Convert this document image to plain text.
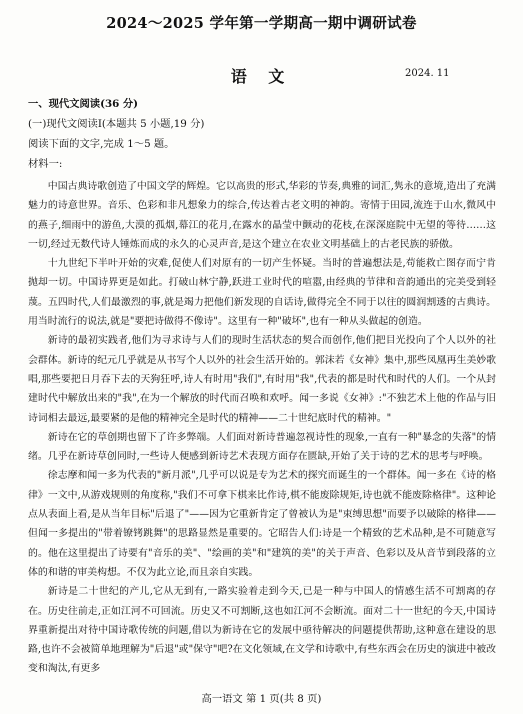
2024～2025 学年第一学期高一期中调研试卷
语 文	2024. 11
一、现代文阅读(36 分)
(一)现代文阅读Ⅰ(本题共 5 小题,19 分)
阅读下面的文字,完成 1～5 题。
材料一:

中国古典诗歌创造了中国文学的辉煌。它以高贵的形式,华彩的节奏,典雅的词汇,隽永的意境,造出了充满魅力的诗意世界。音乐、色彩和非凡想象力的综合,传达着古老文明的神韵。寄情于田园,流连于山水,微风中的燕子,细雨中的游鱼,大漠的孤烟,幕江的花月,在露水的晶莹中颤动的花枝,在深深庭院中无望的等待……这一切,经过无数代诗人锤炼而成的永久的心灵声音,是这个建立在农业文明基础上的古老民族的骄傲。

十九世纪下半叶开始的灾难,促使人们对原有的一切产生怀疑。当时的普遍想法是,苟能救亡图存而宁肯抛却一切。中国诗界更是如此。打破山林宁静,跃进工业时代的喧嚣,由经典的节律和音韵通出的完美受到轻蔑。五四时代,人们最激烈的事,就是竭力把他们新发现的自话诗,做得完全不同于以往的圆润割透的古典诗。用当时流行的说法,就是"要把诗做得不像诗"。这里有一种"破坏",也有一种从头做起的创造。

新诗的最初实践者,他们为寻求诗与人们的现时生活状态的契合而创作,他们把目光投向了个人以外的社会群体。新诗的纪元几乎就是从书写个人以外的社会生活开始的。郭沫若《女神》集中,那些凤凰再生美妙歌唱,那些要把日月吞下去的天狗狂呼,诗人有时用"我们",有时用"我",代表的都是时代和时代的人们。一个从封建时代中解放出来的"我",在为一个解放的时代而召唤和欢呼。闻一多说《女神》:"不独艺术上他的作品与旧诗词相去最远,最要紧的是他的精神完全是时代的精神——二十世纪底时代的精神。"

新诗在它的草创期也留下了许多弊端。人们面对新诗普遍忽视诗性的现象,一直有一种"暴念的失落"的情绪。几乎在新诗草创同时,一些诗人便感到新诗艺术表现方面存在匮缺,开始了关于诗的艺术的思考与呼唤。

徐志摩和闻一多为代表的"新月派",几乎可以说是专为艺术的探究而诞生的一个群体。闻一多在《诗的格律》一文中,从游戏规则的角度称,"我们不可拿下棋来比作诗,棋不能废除规矩,诗也就不能废除格律"。这种论点从表面上看,是从当年目标"后退了"——因为它重新肯定了曾被认为是"束缚思想"而要予以破除的格律——但闻一多提出的"带着镣铐跳舞"的思路显然是重要的。它昭告人们:诗是一个精致的艺术品种,是不可随意写的。他在这里提出了诗要有"音乐的美"、"绘画的美"和"建筑的美"的关于声音、色彩以及从音节到段落的立体的和谐的审美构想。不仅为此立论,而且亲自实践。

新诗是二十世纪的产儿,它从无到有,一路实验着走到今天,已是一种与中国人的情感生活不可割离的存在。历史往前走,正如江河不可回流。历史又不可割断,这也如江河不会断流。面对二十一世纪的今天,中国诗界重新提出对待中国诗歌传统的问题,借以为新诗在它的发展中亟待解决的问题提供帮助,这种意在建设的思路,也许不会被简单地理解为"后退"或"保守"吧?在文化领域,在文学和诗歌中,有些东西会在历史的演进中被改变和淘汰,有更多

高一语文 第 1 页(共 8 页)
